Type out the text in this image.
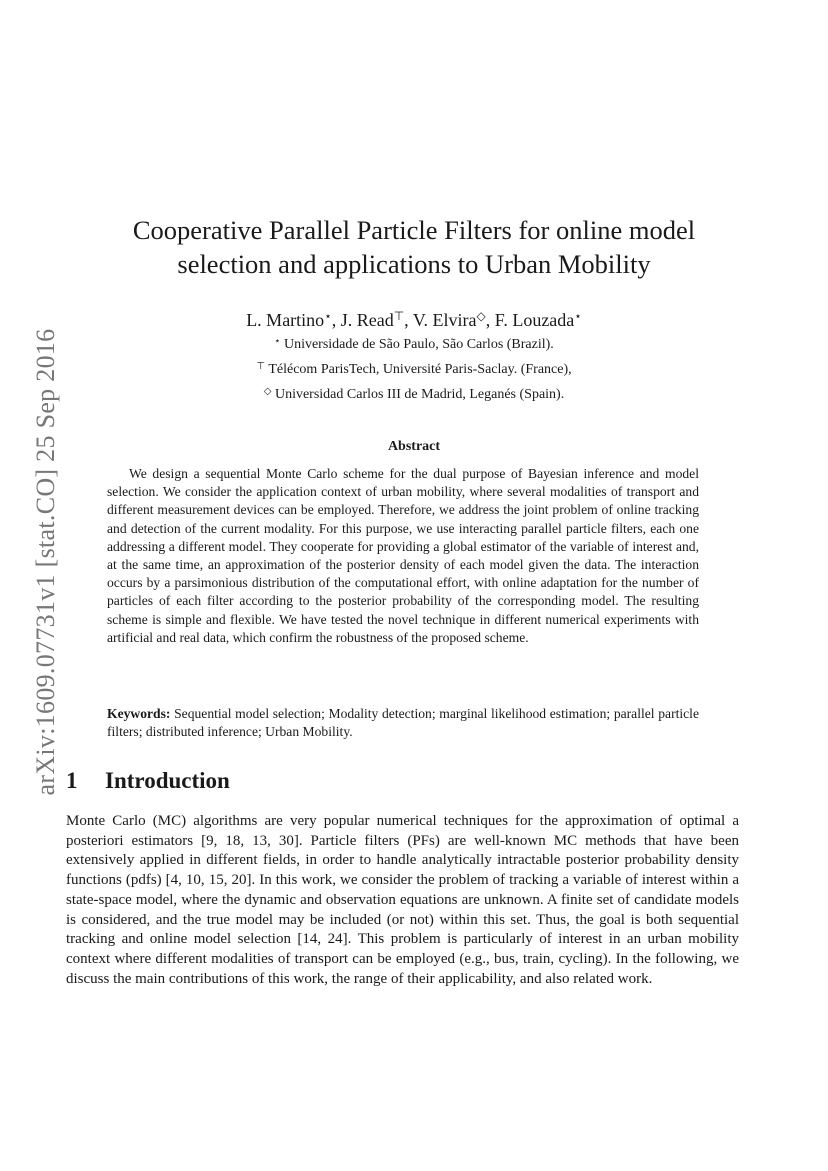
arXiv:1609.07731v1 [stat.CO] 25 Sep 2016
Cooperative Parallel Particle Filters for online model
selection and applications to Urban Mobility
L. Martino⋆, J. Read⊤, V. Elvira◇, F. Louzada⋆
⋆ Universidade de São Paulo, São Carlos (Brazil).
⊤ Télécom ParisTech, Université Paris-Saclay. (France),
◇ Universidad Carlos III de Madrid, Leganés (Spain).
Abstract

We design a sequential Monte Carlo scheme for the dual purpose of Bayesian inference and model selection. We consider the application context of urban mobility, where several modalities of transport and different measurement devices can be employed. Therefore, we address the joint problem of online tracking and detection of the current modality. For this purpose, we use interacting parallel particle filters, each one addressing a different model. They cooperate for providing a global estimator of the variable of interest and, at the same time, an approximation of the posterior density of each model given the data. The interaction occurs by a parsimonious distribution of the computational effort, with online adaptation for the number of particles of each filter according to the posterior probability of the corresponding model. The resulting scheme is simple and flexible. We have tested the novel technique in different numerical experiments with artificial and real data, which confirm the robustness of the proposed scheme.

Keywords: Sequential model selection; Modality detection; marginal likelihood estimation; parallel particle filters; distributed inference; Urban Mobility.

1 Introduction

Monte Carlo (MC) algorithms are very popular numerical techniques for the approximation of optimal a posteriori estimators [9, 18, 13, 30]. Particle filters (PFs) are well-known MC methods that have been extensively applied in different fields, in order to handle analytically intractable posterior probability density functions (pdfs) [4, 10, 15, 20]. In this work, we consider the problem of tracking a variable of interest within a state-space model, where the dynamic and observation equations are unknown. A finite set of candidate models is considered, and the true model may be included (or not) within this set. Thus, the goal is both sequential tracking and online model selection [14, 24]. This problem is particularly of interest in an urban mobility context where different modalities of transport can be employed (e.g., bus, train, cycling). In the following, we discuss the main contributions of this work, the range of their applicability, and also related work.
